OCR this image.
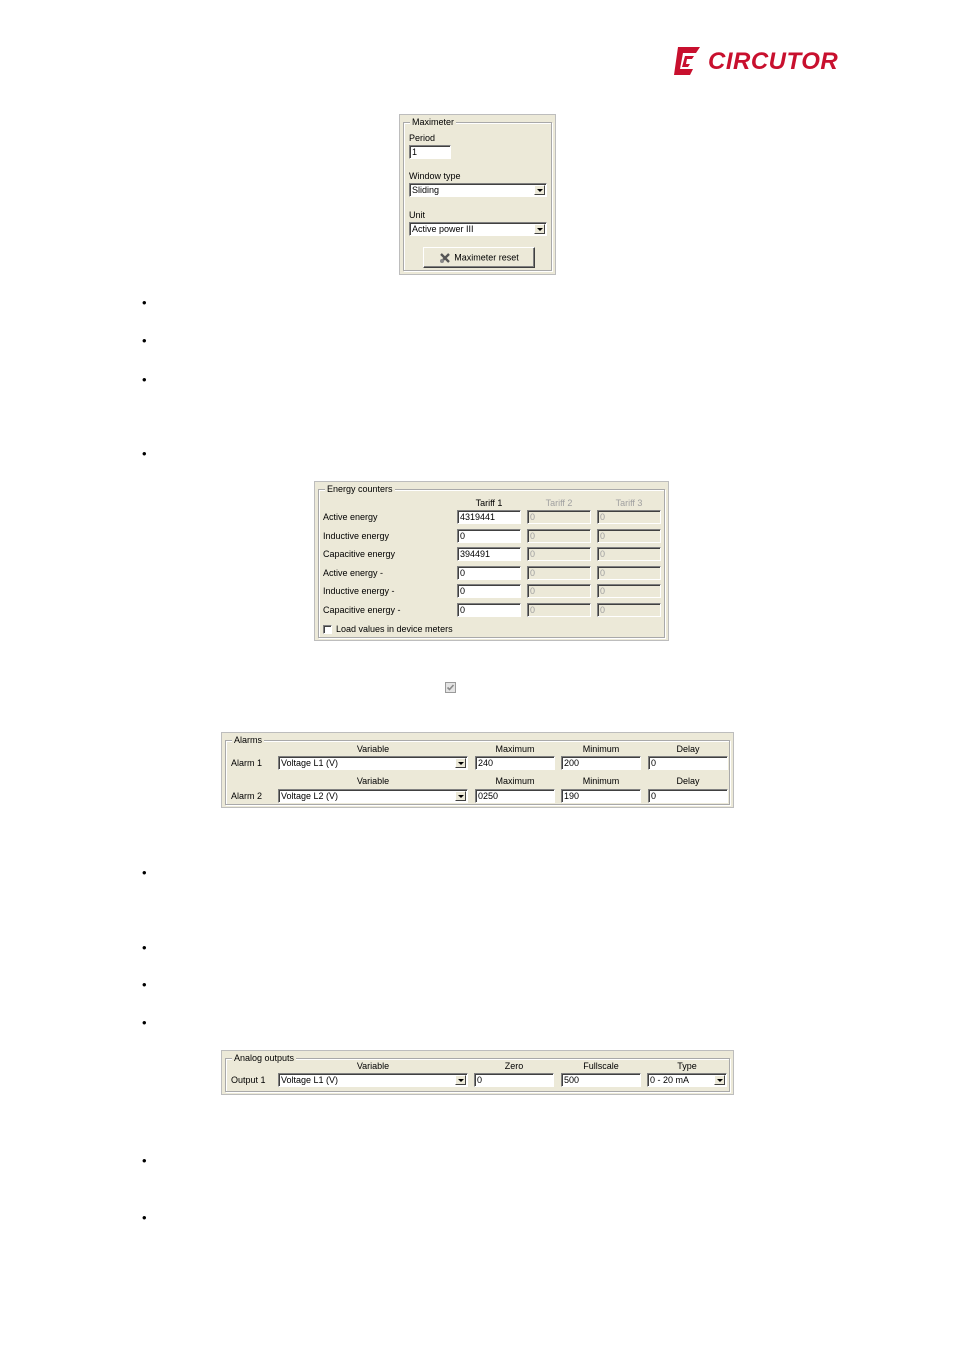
CIRCUTOR
Maximeter
Period
1
Window type
Sliding
Unit
Active power III
Maximeter reset
•
•
•
•
Energy counters
Tariff 1	Tariff 2	Tariff 3
Active energy	4319441	0	0
Inductive energy	0	0	0
Capacitive energy	394491	0	0
Active energy -	0	0	0
Inductive energy -	0	0	0
Capacitive energy -	0	0	0
Load values in device meters
Alarms
Variable	Maximum	Minimum	Delay
Alarm 1	Voltage L1 (V)	240	200	0
Variable	Maximum	Minimum	Delay
Alarm 2	Voltage L2 (V)	0250	190	0
•
•
•
•
Analog outputs
Variable	Zero	Fullscale	Type
Output 1	Voltage L1 (V)	0	500	0 - 20 mA
•
•
